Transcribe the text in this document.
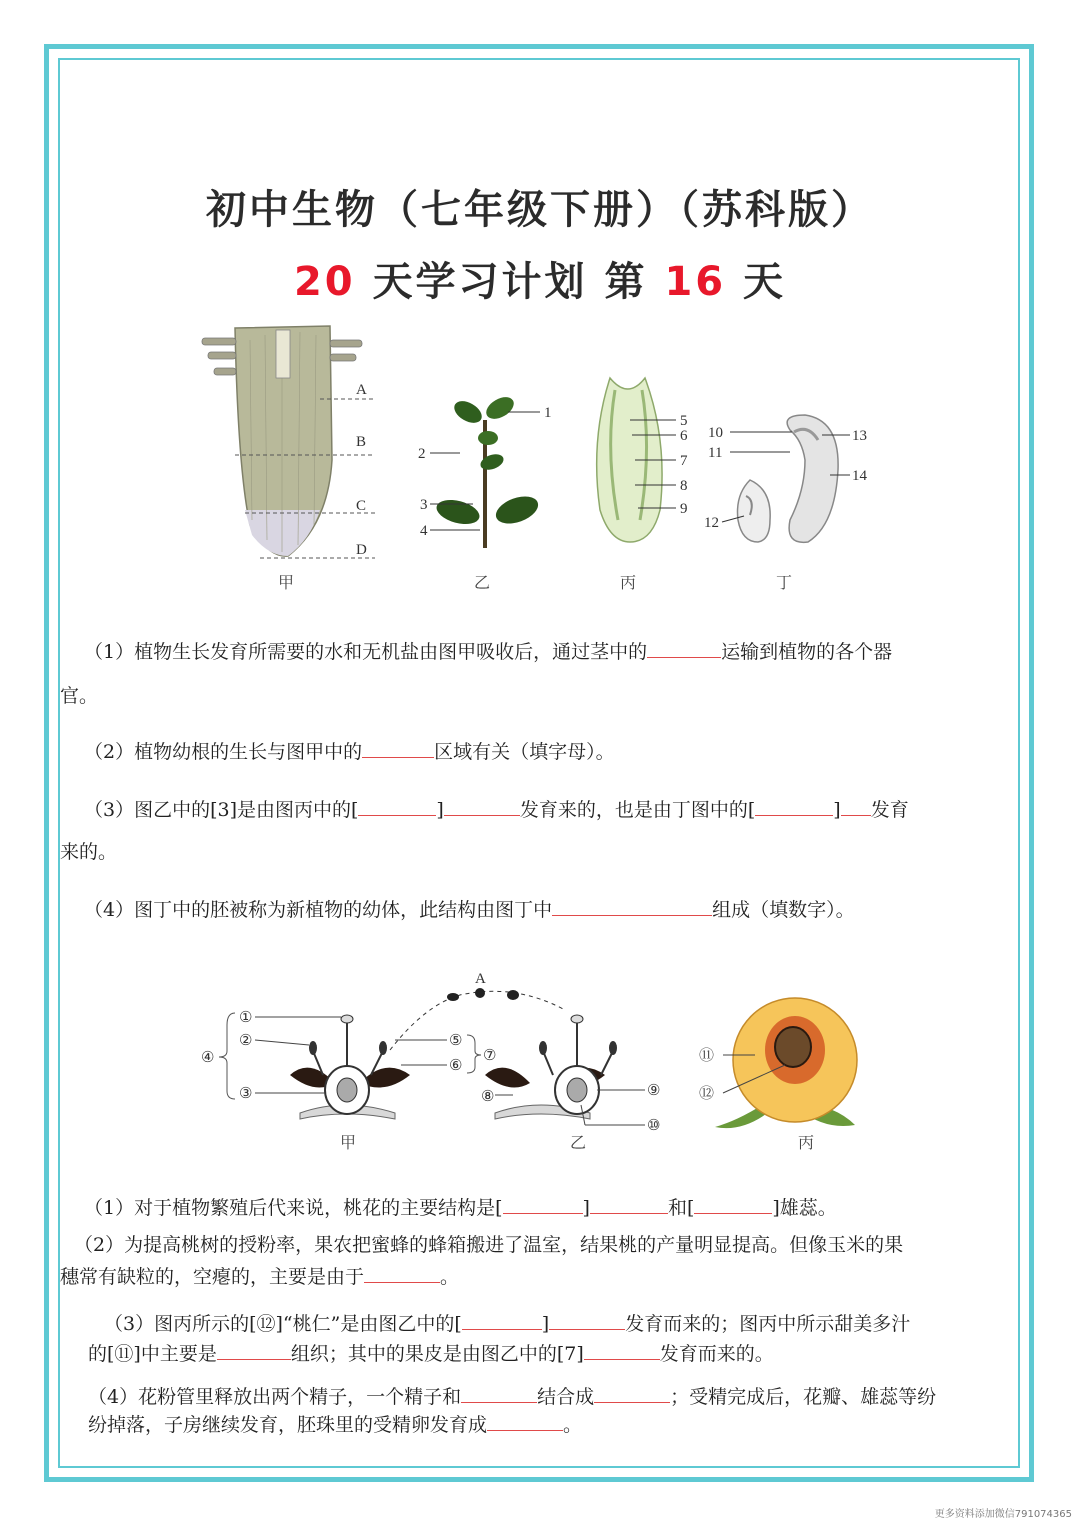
初中生物（七年级下册）（苏科版）
20 天学习计划 第 16 天
A
B
C
D
甲
1
2
3
4
乙
5
6
7
8
9
丙
10
11
12
13
14
丁
（1）植物生长发育所需要的水和无机盐由图甲吸收后，通过茎中的	运输到植物的各个器
官。
（2）植物幼根的生长与图甲中的	区域有关（填字母）。
（3）图乙中的[3]是由图丙中的[	]	发育来的，也是由丁图中的[	] 发育
来的。
（4）图丁中的胚被称为新植物的幼体，此结构由图丁中	组成（填数字）。
①
②
③
④
甲
A
⑤
⑥
⑦
⑧	⑨
⑩
乙
⑪
⑫
丙
（1）对于植物繁殖后代来说，桃花的主要结构是[	]	和[	]雄蕊。
（2）为提高桃树的授粉率，果农把蜜蜂的蜂箱搬进了温室，结果桃的产量明显提高。但像玉米的果
穗常有缺粒的，空瘪的，主要是由于	。
（3）图丙所示的[⑫]“桃仁”是由图乙中的[	]	发育而来的；图丙中所示甜美多汁
的[⑪]中主要是	组织；其中的果皮是由图乙中的[7]	发育而来的。
（4）花粉管里释放出两个精子，一个精子和	结合成	；受精完成后，花瓣、雄蕊等纷
纷掉落，子房继续发育，胚珠里的受精卵发育成	。
更多资料添加微信791074365
